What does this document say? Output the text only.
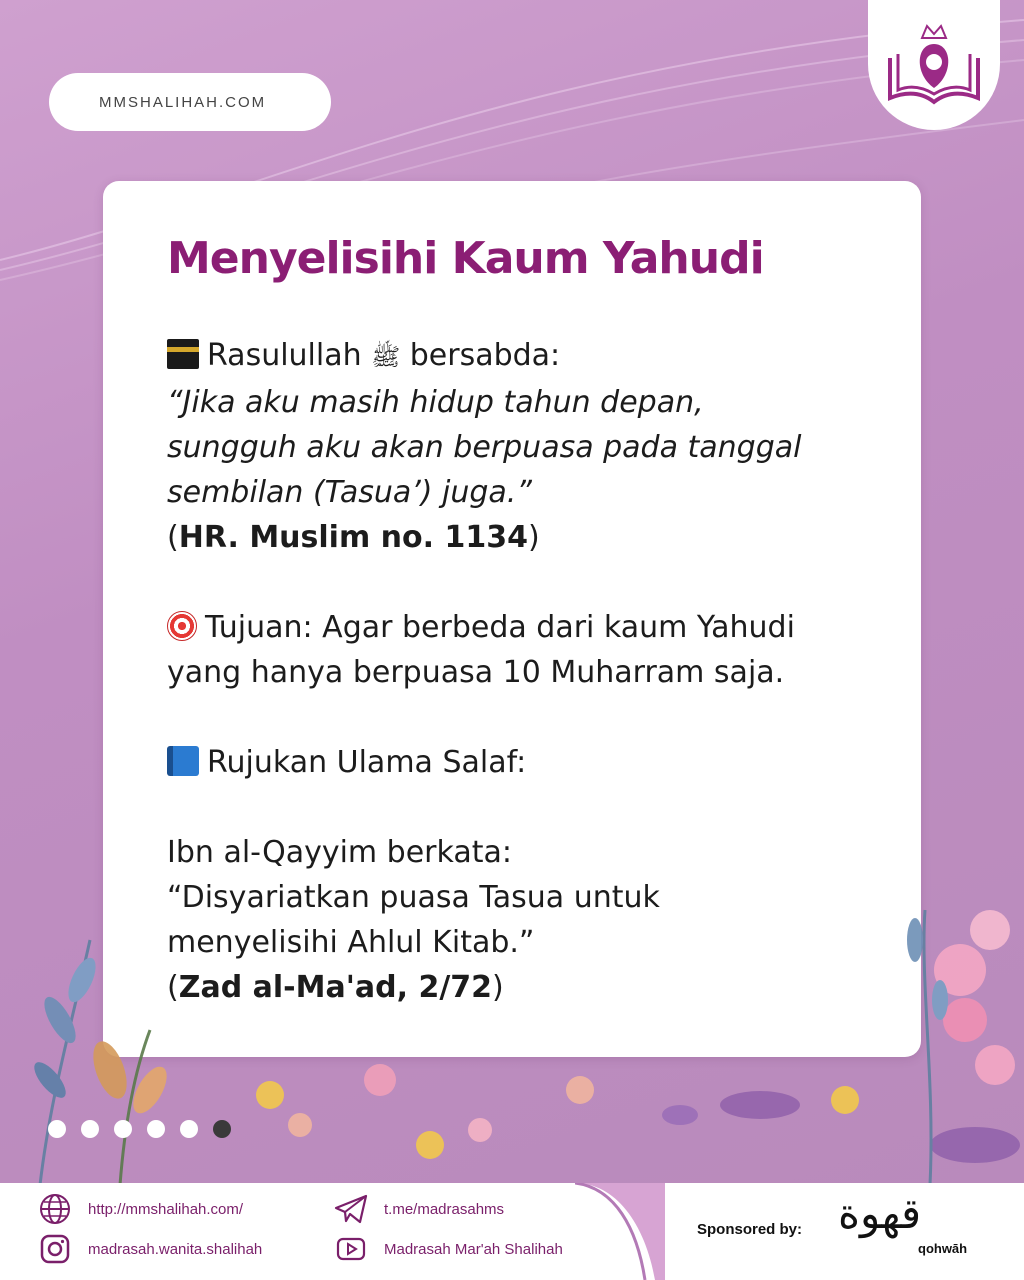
MMSHALIHAH.COM
Menyelisihi Kaum Yahudi
Rasulullah ﷺ bersabda:
“Jika aku masih hidup tahun depan,
sungguh aku akan berpuasa pada tanggal
sembilan (Tasua’) juga.”
(HR. Muslim no. 1134)
Tujuan: Agar berbeda dari kaum Yahudi
yang hanya berpuasa 10 Muharram saja.
Rujukan Ulama Salaf:
Ibn al-Qayyim berkata:
“Disyariatkan puasa Tasua untuk
menyelisihi Ahlul Kitab.”
(Zad al-Ma'ad, 2/72)
http://mmshalihah.com/
madrasah.wanita.shalihah
t.me/madrasahms
Madrasah Mar'ah Shalihah
Sponsored by: قهوة
qohwāh
